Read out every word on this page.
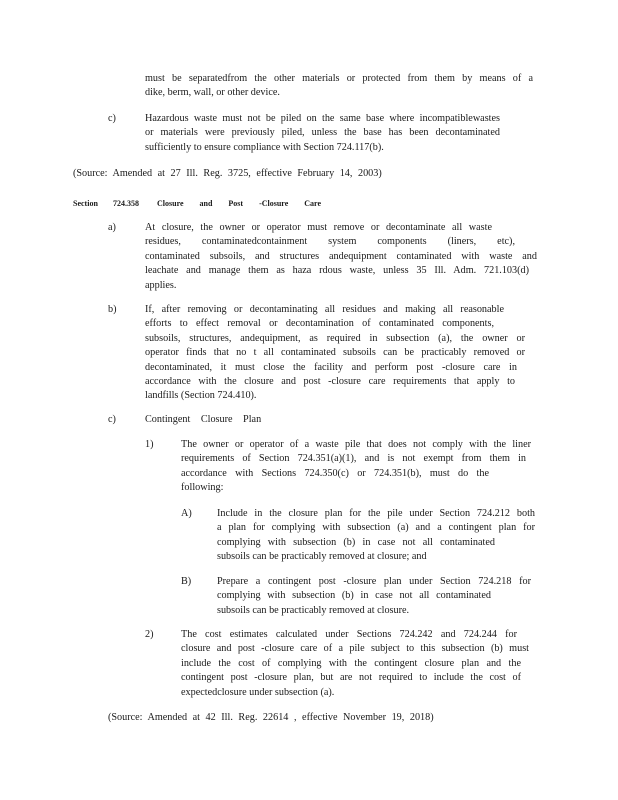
must be separatedfrom the other materials or protected from them by means of a
dike, berm, wall, or other device.
c)	Hazardous waste must not be piled on the same base where incompatiblewastes
or materials were previously piled, unless the base has been decontaminated
sufficiently to ensure compliance with Section 724.117(b).
(Source: Amended at 27 Ill. Reg. 3725, effective February 14, 2003)
Section 724.358 Closure and Post -Closure Care
a)	At closure, the owner or operator must remove or decontaminate all waste
residues, contaminatedcontainment system components (liners, etc),
contaminated subsoils, and structures andequipment contaminated with waste and
leachate and manage them as haza rdous waste, unless 35 Ill. Adm. 721.103(d)
applies.
b)	If, after removing or decontaminating all residues and making all reasonable
efforts to effect removal or decontamination of contaminated components,
subsoils, structures, andequipment, as required in subsection (a), the owner or
operator finds that no t all contaminated subsoils can be practicably removed or
decontaminated, it must close the facility and perform post -closure care in
accordance with the closure and post -closure care requirements that apply to
landfills (Section 724.410).
c)	Contingent Closure Plan
1)	The owner or operator of a waste pile that does not comply with the liner
requirements of Section 724.351(a)(1), and is not exempt from them in
accordance with Sections 724.350(c) or 724.351(b), must do the
following:
A) Include in the closure plan for the pile under Section 724.212 both
a plan for complying with subsection (a) and a contingent plan for
complying with subsection (b) in case not all contaminated
subsoils can be practicably removed at closure; and
B)	Prepare a contingent post -closure plan under Section 724.218 for
complying with subsection (b) in case not all contaminated
subsoils can be practicably removed at closure.
2)	The cost estimates calculated under Sections 724.242 and 724.244 for
closure and post -closure care of a pile subject to this subsection (b) must
include the cost of complying with the contingent closure plan and the
contingent post -closure plan, but are not required to include the cost of
expectedclosure under subsection (a).
(Source: Amended at 42 Ill. Reg. 22614 , effective November 19, 2018)
